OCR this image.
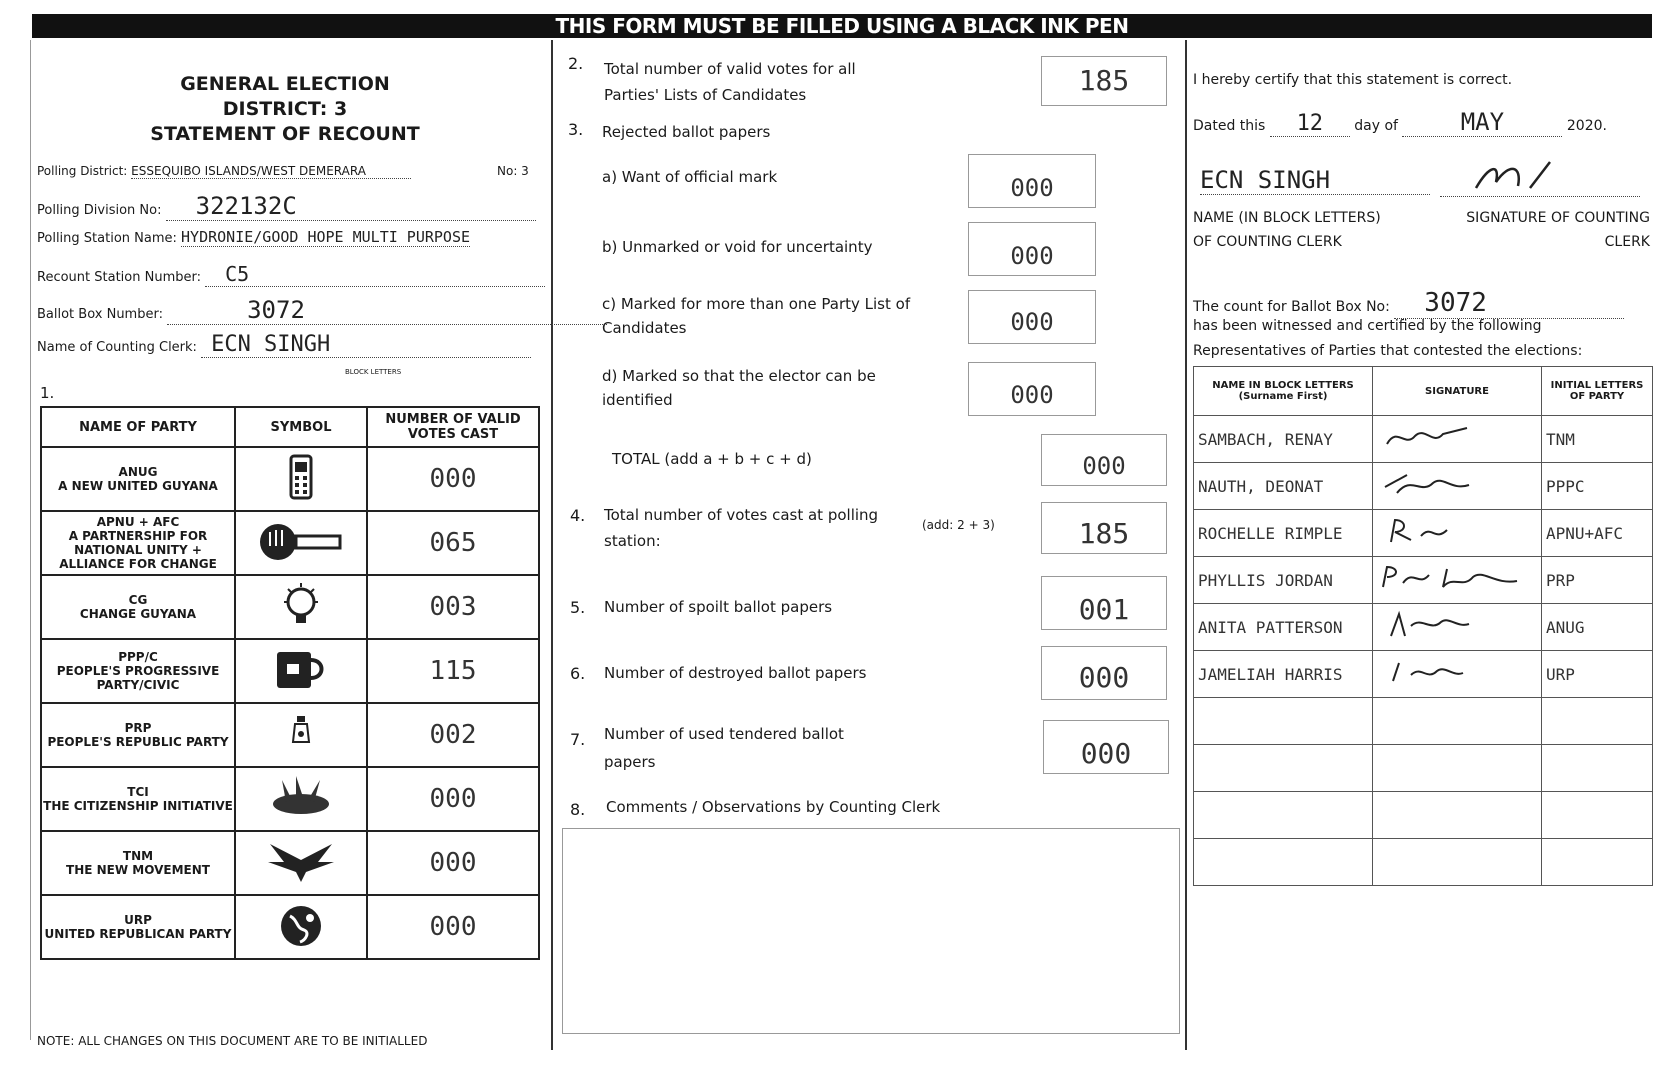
THIS FORM MUST BE FILLED USING A BLACK INK PEN
GENERAL ELECTION
DISTRICT: 3
STATEMENT OF RECOUNT
Polling District: ESSEQUIBO ISLANDS/WEST DEMERARA	No: 3
Polling Division No: 322132C
Polling Station Name: HYDRONIE/GOOD HOPE MULTI PURPOSE
Recount Station Number: C5
Ballot Box Number:	3072
Name of Counting Clerk: ECN SINGH
BLOCK LETTERS
1.
NAME OF PARTY	SYMBOL	NUMBER OF VALID VOTES CAST

ANUG
A NEW UNITED GUYANA		000

APNU + AFC
A PARTNERSHIP FOR NATIONAL UNITY + ALLIANCE FOR CHANGE		065

CG
CHANGE GUYANA		003

PPP/C
PEOPLE'S PROGRESSIVE PARTY/CIVIC		115

PRP
PEOPLE'S REPUBLIC PARTY		002

TCI
THE CITIZENSHIP INITIATIVE		000

TNM
THE NEW MOVEMENT		000

URP
UNITED REPUBLICAN PARTY		000
NOTE: ALL CHANGES ON THIS DOCUMENT ARE TO BE INITIALLED
2. Total number of valid votes for all
Parties' Lists of Candidates	185
3. Rejected ballot papers
a) Want of official mark	000
b) Unmarked or void for uncertainty	000
c) Marked for more than one Party List of
Candidates	000
d) Marked so that the elector can be
identified	000
TOTAL (add a + b + c + d)	000
4. Total number of votes cast at polling
station:
(add: 2 + 3)	185
5. Number of spoilt ballot papers	001
6. Number of destroyed ballot papers	000
7. Number of used tendered ballot
papers	000
8. Comments / Observations by Counting Clerk
I hereby certify that this statement is correct.
Dated this 12 day of	MAY	2020.
ECN SINGH
NAME (IN BLOCK LETTERS)
OF COUNTING CLERK
SIGNATURE OF COUNTING
CLERK
The count for Ballot Box No: 3072
has been witnessed and certified by the following
Representatives of Parties that contested the elections:
NAME IN BLOCK LETTERS (Surname First)	SIGNATURE	INITIAL LETTERS OF PARTY
SAMBACH, RENAY		TNM
NAUTH, DEONAT		PPPC
ROCHELLE RIMPLE		APNU+AFC
PHYLLIS JORDAN		PRP
ANITA PATTERSON		ANUG
JAMELIAH HARRIS		URP
